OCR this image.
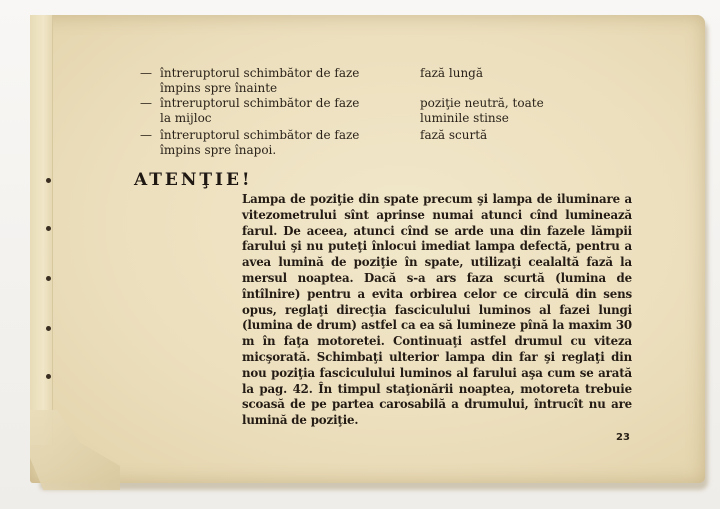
— întreruptorul schimbător de faze
împins spre înainte
fază lungă
— întreruptorul schimbător de faze
la mijloc
poziţie neutră, toate
luminile stinse
— întreruptorul schimbător de faze
împins spre înapoi.
fază scurtă
ATENŢIE!
Lampa de poziţie din spate precum şi lampa de iluminare a vitezometrului sînt aprinse numai atunci cînd luminează farul. De aceea, atunci cînd se arde una din fazele lămpii farului şi nu puteţi înlocui imediat lampa defectă, pentru a avea lumină de poziţie în spate, utilizaţi cealaltă fază la mersul noaptea. Dacă s-a ars faza scurtă (lumina de întîlnire) pentru a evita orbirea celor ce circulă din sens opus, reglaţi direcţia fasciculului luminos al fazei lungi (lumina de drum) astfel ca ea să lumineze pînă la maxim 30 m în faţa motoretei. Continuaţi astfel drumul cu viteza micşorată. Schimbaţi ulterior lampa din far şi reglaţi din nou poziţia fasciculului luminos al farului aşa cum se arată la pag. 42. În timpul staţionării noaptea, motoreta trebuie scoasă de pe partea carosabilă a drumului, întrucît nu are lumină de poziţie.
23
